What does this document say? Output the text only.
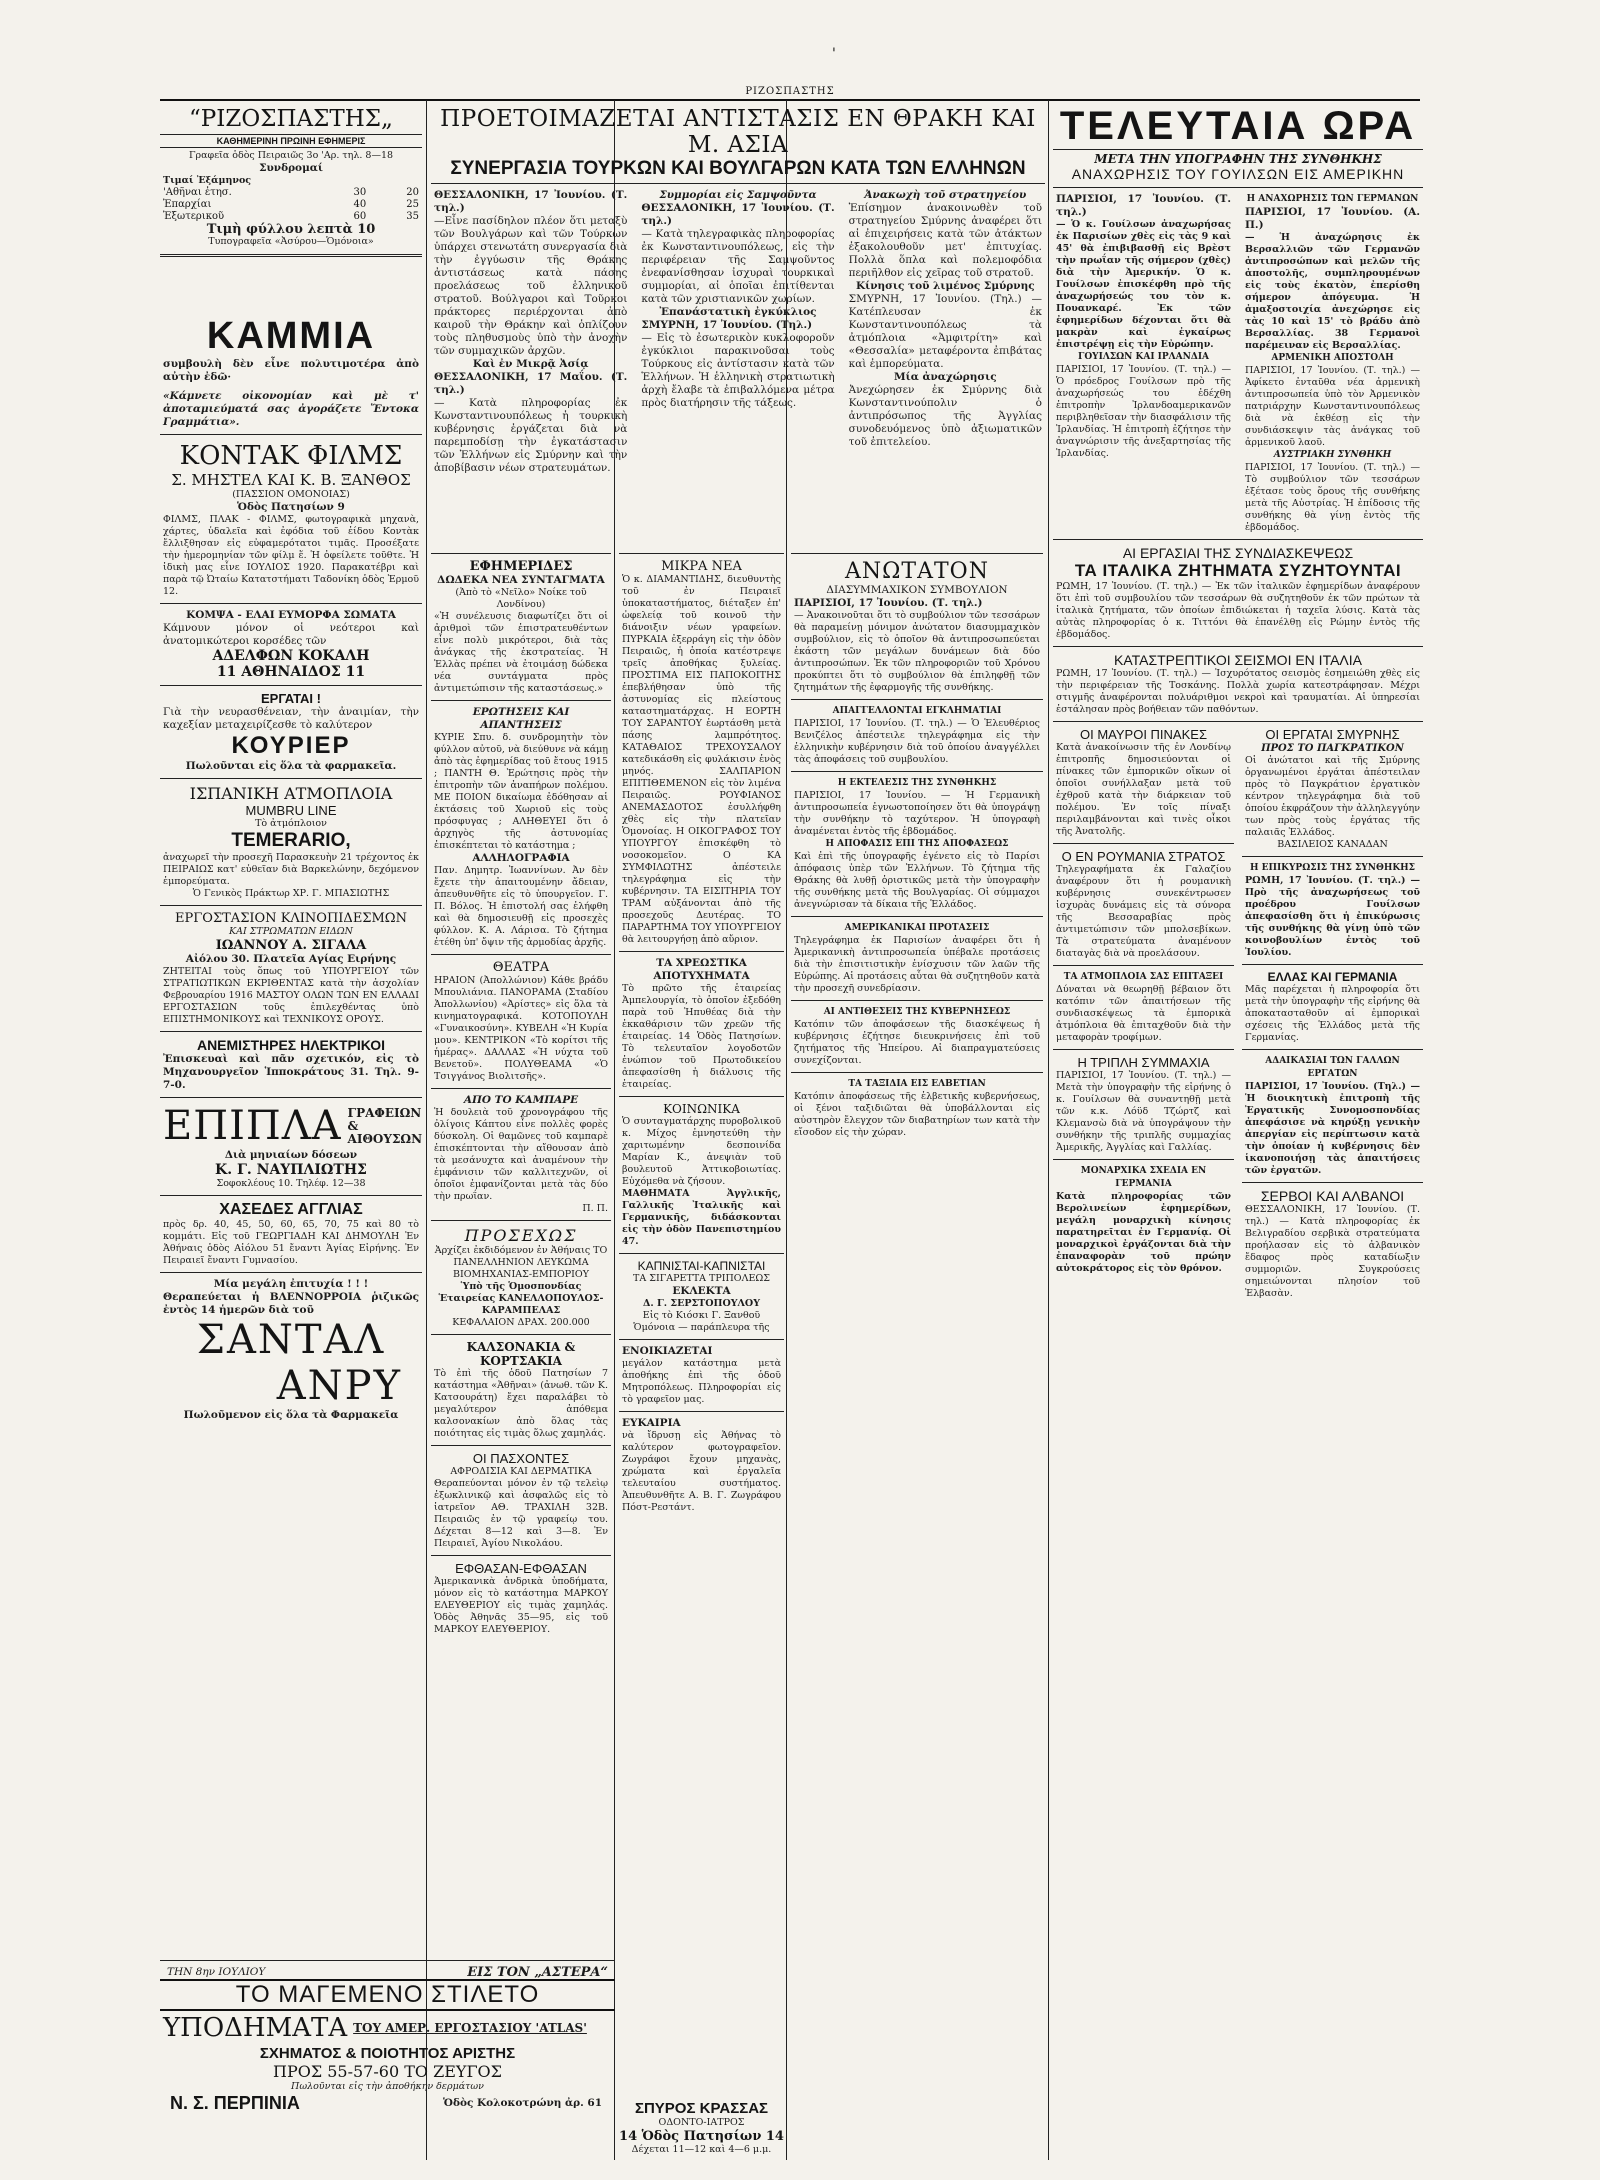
'
ΡΙΖΟΣΠΑΣΤΗΣ
“ΡΙΖΟΣΠΑΣΤΗΣ„
ΚΑΘΗΜΕΡΙΝΗ ΠΡΩΙΝΗ ΕΦΗΜΕΡΙΣ
Γραφεῖα ὁδὸς Πειραιῶς 3ο 'Αρ. τηλ. 8—18
Συνδρομαί
Τιμαί Ἐξάμηνος
'Αθῆναι ἐτησ.	30	20
Ἐπαρχίαι	40	25
Ἐξωτερικοῦ	60	35
Τιμὴ φύλλου λεπτὰ 10
Τυπογραφεῖα «Ἀσύρου—Ὁμόνοια»
ΚΑΜΜΙΑ
συμβουλὴ δὲν εἶνε πολυτιμοτέρα ἀπὸ αὐτὴν ἐδῶ·
«Κάμνετε οἰκονομίαν καὶ μὲ τ' ἀποταμιεύματά σας ἀγοράζετε Ἔντοκα Γραμμάτια».
ΚΟΝΤΑΚ ΦΙΛΜΣ
Σ. ΜΗΣΤΕΛ ΚΑΙ Κ. Β. ΞΑΝΘΟΣ
(ΠΑΣΣΙΟΝ ΟΜΟΝΟΙΑΣ)
Ὁδὸς Πατησίων 9
ΦΙΛΜΣ, ΠΛΑΚ - ΦΙΛΜΣ, φωτογραφικὰ μηχανὰ, χάρτες, ὑδαλεῖα καὶ ἐφόδια τοῦ ἐίδου Κοντὰκ ἔλλιξθησαν εἰς εὐφαμερότατοι τιμᾶς. Προσέξατε τὴν ἡμερομηνίαν τῶν φίλμ ἕ. Ἡ ὀφείλετε τοῦθτε. Ἡ ἰδικὴ μας εἶνε ΙΟΥΛΙΟΣ 1920. Παρακατέβρι καὶ παρὰ τῷ Ὠταίω Κατατστήματι Ταδονίκη ὁδὸς Ἑρμοῦ 12.
ΚΟΜΨΑ - ΕΛΑΙ ΕΥΜΟΡΦΑ ΣΩΜΑΤΑ
Κάμνουν μόνον οἱ νεότεροι καὶ ἀνατομικώτεροι κορσέδες τῶν
ΑΔΕΛΦΩΝ ΚΟΚΑΛΗ
11 ΑΘΗΝΑΙΔΟΣ 11
ΕΡΓΑΤΑΙ !
Γιὰ τὴν νευρασθένειαν, τὴν ἀναιμίαν, τὴν καχεξίαν μεταχειρίζεσθε τὸ καλύτερον
ΚΟΥΡΙΕΡ
Πωλοῦνται εἰς ὅλα τὰ φαρμακεῖα.
ΙΣΠΑΝΙΚΗ ΑΤΜΟΠΛΟΙΑ
MUMBRU LINE
Τὸ ἀτμόπλοιον
TEMERARIO,
ἀναχωρεῖ τὴν προσεχῆ Παρασκευὴν 21 τρέχοντος ἐκ ΠΕΙΡΑΙΩΣ κατ' εὐθεῖαν διὰ Βαρκελώνην, δεχόμενον ἐμπορεύματα.
Ὁ Γενικὸς Πράκτωρ ΧΡ. Γ. ΜΠΑΣΙΩΤΗΣ
ΕΡΓΟΣΤΑΣΙΟΝ ΚΛΙΝΟΠΙΔΕΣΜΩΝ
ΚΑΙ ΣΤΡΩΜΑΤΩΝ ΕΙΔΩΝ
ΙΩΑΝΝΟΥ Α. ΣΙΓΑΛΑ
Αἰόλου 30. Πλατεῖα Αγίας Ειρήνης
ΖΗΤΕΙΤΑΙ τοὺς ὅπως τοῦ ΥΠΟΥΡΓΕΙΟΥ τῶν ΣΤΡΑΤΙΩΤΙΚΩΝ ΕΚΡΙΘΕΝΤΑΣ κατὰ τὴν ἀσχολίαν Φεβρουαρίου 1916 ΜΑΣΤΟΥ ΟΛΩΝ ΤΩΝ ΕΝ ΕΛΛΑΔΙ ΕΡΓΟΣΤΑΣΙΩΝ τοῦς ἐπιλεχθέντας ὑπὸ ΕΠΙΣΤΗΜΟΝΙΚΟΥΣ καὶ ΤΕΧΝΙΚΟΥΣ ΟΡΟΥΣ.
ΑΝΕΜΙΣΤΗΡΕΣ ΗΛΕΚΤΡΙΚΟΙ
Ἐπισκευαὶ καὶ πᾶν σχετικόν, εἰς τὸ Μηχανουργεῖον Ἱπποκράτους 31. Τηλ. 9-7-0.
ΕΠΙΠΛΑ ΓΡΑΦΕΙΩΝ & ΑΙΘΟΥΣΩΝ
Διὰ μηνιαίων δόσεων
Κ. Γ. ΝΑΥΠΛΙΩΤΗΣ
Σοφοκλέους 10. Τηλέφ. 12—38
ΧΑΣΕΔΕΣ ΑΓΓΛΙΑΣ
πρὸς δρ. 40, 45, 50, 60, 65, 70, 75 καὶ 80 τὸ κομμάτι. Εἰς τοῦ ΓΕΩΡΓΙΑΔΗ ΚΑΙ ΔΗΜΟΥΛΗ Ἐν Ἀθήναις ὁδὸς Αἰόλου 51 ἔναντι Ἁγίας Εἰρήνης. Ἐν Πειραιεῖ ἔναντι Γυμνασίου.
Μία μεγάλη ἐπιτυχία ! ! !
Θεραπεύεται ἡ ΒΛΕΝΝΟΡΡΟΙΑ ῥιζικῶς ἐντὸς 14 ἡμερῶν διὰ τοῦ
ΣΑΝΤΑΛ
ΑΝΡΥ
Πωλοῦμενον εἰς ὅλα τὰ Φαρμακεῖα
ΠΡΟΕΤΟΙΜΑΖΕΤΑΙ ΑΝΤΙΣΤΑΣΙΣ ΕΝ ΘΡΑΚΗ ΚΑΙ Μ. ΑΣΙΑ
ΣΥΝΕΡΓΑΣΙΑ ΤΟΥΡΚΩΝ ΚΑΙ ΒΟΥΛΓΑΡΩΝ ΚΑΤΑ ΤΩΝ ΕΛΛΗΝΩΝ
ΘΕΣΣΑΛΟΝΙΚΗ, 17 Ἰουνίου. (Τ. τηλ.)
—Εἶνε πασίδηλον πλέον ὅτι μεταξὺ τῶν Βουλγάρων καὶ τῶν Τούρκων ὑπάρχει στενωτάτη συνεργασία διὰ τὴν ἐγγύωσιν τῆς Θράκης ἀντιστάσεως κατὰ πάσης προελάσεως τοῦ ἑλληνικοῦ στρατοῦ. Βούλγαροι καὶ Τοῦρκοι πράκτορες περιέρχονται ἀπὸ καιροῦ τὴν Θράκην καὶ ὁπλίζουν τοὺς πληθυσμοὺς ὑπὸ τὴν ἀνοχὴν τῶν συμμαχικῶν ἀρχῶν.
Καὶ ἐν Μικρᾷ Ἀσίᾳ
ΘΕΣΣΑΛΟΝΙΚΗ, 17 Μαΐου. (Τ. τηλ.)
— Κατὰ πληροφορίας ἐκ Κωνσταντινουπόλεως ἡ τουρκικὴ κυβέρνησις ἐργάζεται διὰ νὰ παρεμποδίσῃ τὴν ἐγκατάστασιν τῶν Ἑλλήνων εἰς Σμύρνην καὶ τὴν ἀποβίβασιν νέων στρατευμάτων.
Συμμορίαι εἰς Σαμψοῦντα
ΘΕΣΣΑΛΟΝΙΚΗ, 17 Ἰουνίου. (Τ. τηλ.)
— Κατὰ τηλεγραφικὰς πληροφορίας ἐκ Κωνσταντινουπόλεως, εἰς τὴν περιφέρειαν τῆς Σαμψοῦντος ἐνεφανίσθησαν ἰσχυραὶ τουρκικαὶ συμμορίαι, αἱ ὁποῖαι ἐπιτίθενται κατὰ τῶν χριστιανικῶν χωρίων.
Ἐπανάστατικὴ ἐγκύκλιος
ΣΜΥΡΝΗ, 17 Ἰουνίου. (Τηλ.)
— Εἰς τὸ ἐσωτερικὸν κυκλοφοροῦν ἐγκύκλιοι παρακινοῦσαι τοὺς Τούρκους εἰς ἀντίστασιν κατὰ τῶν Ἑλλήνων. Ἡ ἑλληνικὴ στρατιωτικὴ ἀρχὴ ἔλαβε τὰ ἐπιβαλλόμενα μέτρα πρὸς διατήρησιν τῆς τάξεως.
Ἀνακωχὴ τοῦ στρατηγείου
Ἐπίσημον ἀνακοινωθὲν τοῦ στρατηγείου Σμύρνης ἀναφέρει ὅτι αἱ ἐπιχειρήσεις κατὰ τῶν ἀτάκτων ἐξακολουθοῦν μετ' ἐπιτυχίας. Πολλὰ ὅπλα καὶ πολεμοφόδια περιῆλθον εἰς χεῖρας τοῦ στρατοῦ.
Κίνησις τοῦ λιμένος Σμύρνης
ΣΜΥΡΝΗ, 17 Ἰουνίου. (Τηλ.) — Κατέπλευσαν ἐκ Κωνσταντινουπόλεως τὰ ἀτμόπλοια «Ἀμφιτρίτη» καὶ «Θεσσαλία» μεταφέροντα ἐπιβάτας καὶ ἐμπορεύματα.
Μία ἀναχώρησις
Ἀνεχώρησεν ἐκ Σμύρνης διὰ Κωνσταντινούπολιν ὁ ἀντιπρόσωπος τῆς Ἀγγλίας συνοδευόμενος ὑπὸ ἀξιωματικῶν τοῦ ἐπιτελείου.
ΕΦΗΜΕΡΙΔΕΣ
ΔΩΔΕΚΑ ΝΕΑ ΣΥΝΤΑΓΜΑΤΑ
(Ἀπὸ τὸ «Νεῖλο» Νοίκε τοῦ Λονδίνου)
«Ἡ συνέλευσις διαφωτίζει ὅτι οἱ ἀριθμοὶ τῶν ἐπιστρατευθέντων εἶνε πολὺ μικρότεροι, διὰ τὰς ἀνάγκας τῆς ἐκστρατείας. Ἡ Ἑλλὰς πρέπει νὰ ἐτοιμάσῃ δώδεκα νέα συντάγματα πρὸς ἀντιμετώπισιν τῆς καταστάσεως.»
ΕΡΩΤΗΣΕΙΣ ΚΑΙ ΑΠΑΝΤΗΣΕΙΣ
ΚΥΡΙΕ Σπυ. δ. συνδρομητὴν τὸν φύλλον αὐτοῦ, νὰ διεύθυνε νὰ κάμῃ ἀπὸ τὰς ἐφημερίδας τοῦ ἔτους 1915 ; ΠΑΝΤΗ Θ. Ἐρώτησις πρὸς τὴν ἐπιτροπὴν τῶν ἀναπήρων πολέμου. ΜΕ ΠΟΙΟΝ δικαίωμα ἐδόθησαν αἱ ἐκτάσεις τοῦ Χωριοῦ εἰς τοὺς πρόσφυγας ; ΑΛΗΘΕΥΕΙ ὅτι ὁ ἀρχηγὸς τῆς ἀστυνομίας ἐπισκέπτεται τὸ κατάστημα ;
ΑΛΛΗΛΟΓΡΑΦΙΑ
Παν. Δημητρ. Ἰωαννίνων. Ἀν δὲν ἔχετε τὴν ἀπαιτουμένην ἄδειαν, ἀπευθυνθῆτε εἰς τὸ ὑπουργεῖον. Γ. Π. Βόλος. Ἡ ἐπιστολή σας ἐλήφθη καὶ θὰ δημοσιευθῇ εἰς προσεχὲς φύλλον. Κ. Α. Λάρισα. Τὸ ζήτημα ἐτέθη ὑπ' ὄψιν τῆς ἁρμοδίας ἀρχῆς.
ΘΕΑΤΡΑ
ΗΡΑΙΟΝ (Ἀπολλώνιον) Κάθε βράδυ Μπουλιάνια. ΠΑΝΟΡΑΜΑ (Σταδίου Ἀπολλωνίου) «Ἀρίστες» εἰς ὅλα τὰ κινηματογραφικά. ΚΟΤΟΠΟΥΛΗ «Γυναικοσύνη». ΚΥΒΕΛΗ «Ἡ Κυρία μου». ΚΕΝΤΡΙΚΟΝ «Τὸ κορίτσι τῆς ἡμέρας». ΔΑΛΛΑΣ «Ἡ νύχτα τοῦ Βενετοῦ». ΠΟΛΥΘΕΑΜΑ «Ὁ Τσιγγάνος Βιολιτσῆς».
ΑΠΟ ΤΟ ΚΑΜΠΑΡΕ
Ἡ δουλειὰ τοῦ χρονογράφου τῆς ὀλίγοις Κάπτου εἶνε πολλὲς φορὲς δύσκολη. Οἱ θαμῶνες τοῦ καμπαρὲ ἐπισκέπτονται τὴν αἴθουσαν ἀπὸ τὰ μεσάνυχτα καὶ ἀναμένουν τὴν ἐμφάνισιν τῶν καλλιτεχνῶν, οἱ ὁποῖοι ἐμφανίζονται μετὰ τὰς δύο τὴν πρωΐαν.
Π. Π.
ΠΡΟΣΕΧΩΣ
Ἀρχίζει ἐκδιδόμενον ἐν Ἀθήναις ΤΟ ΠΑΝΕΛΛΗΝΙΟΝ ΛΕΥΚΩΜΑ ΒΙΟΜΗΧΑΝΙΑΣ-ΕΜΠΟΡΙΟΥ
Ὑπὸ τῆς Ὁμοσπονδίας Ἑταιρείας ΚΑΝΕΛΛΟΠΟΥΛΟΣ-ΚΑΡΑΜΠΕΛΑΣ
ΚΕΦΑΛΑΙΟΝ ΔΡΑΧ. 200.000
ΚΑΛΣΟΝΑΚΙΑ & ΚΟΡΤΣΑΚΙΑ
Τὸ ἐπὶ τῆς ὁδοῦ Πατησίων 7 κατάστημα «Ἀθῆναι» (ἀνωθ. τῶν Κ. Κατσουράτη) ἔχει παραλάβει τὸ μεγαλύτερον ἀπόθεμα καλσονακίων ἀπὸ ὅλας τὰς ποιότητας εἰς τιμὰς ὅλως χαμηλάς.
ΟΙ ΠΑΣΧΟΝΤΕΣ
ΑΦΡΟΔΙΣΙΑ ΚΑΙ ΔΕΡΜΑΤΙΚΑ
Θεραπεύονται μόνον ἐν τῷ τελεὶῳ ἐξωκλινικῷ καὶ ἀσφαλῶς εἰς τὸ ἰατρεῖον ΑΘ. ΤΡΑΧΙΛΗ 32Β. Πειραιῶς ἐν τῷ γραφείῳ του. Δέχεται 8—12 καὶ 3—8. Ἐν Πειραιεῖ, Ἀγίου Νικολάου.
ΕΦΘΑΣΑΝ-ΕΦΘΑΣΑΝ
Ἀμερικανικὰ ἀνδρικὰ ὑποδήματα, μόνον εἰς τὸ κατάστημα ΜΑΡΚΟΥ ΕΛΕΥΘΕΡΙΟΥ εἰς τιμὰς χαμηλάς. Ὁδὸς Ἀθηνᾶς 35—95, εἰς τοῦ ΜΑΡΚΟΥ ΕΛΕΥΘΕΡΙΟΥ.
ΜΙΚΡΑ ΝΕΑ
Ὁ κ. ΔΙΑΜΑΝΤΙΔΗΣ, διευθυντὴς τοῦ ἐν Πειραιεῖ ὑποκαταστήματος, διέταξεν ἐπ' ὠφελείᾳ τοῦ κοινοῦ τὴν διάνοιξιν νέων γραφείων. ΠΥΡΚΑΙΑ ἐξερράγη εἰς τὴν ὁδὸν Πειραιῶς, ἡ ὁποία κατέστρεψε τρεῖς ἀποθήκας ξυλείας. ΠΡΟΣΤΙΜΑ ΕΙΣ ΠΑΠΟΚΟΙΤΗΣ ἐπεβλήθησαν ὑπὸ τῆς ἀστυνομίας εἰς πλείστους καταστηματάρχας. Η ΕΟΡΤΗ ΤΟΥ ΣΑΡΑΝΤΟΥ ἐωρτάσθη μετὰ πάσης λαμπρότητος. ΚΑΤΑΘΑΙΟΣ ΤΡΕΧΟΥΣΑΛΟΥ κατεδικάσθη εἰς φυλάκισιν ἑνὸς μηνός. ΣΑΛΠΑΡΙΟΝ ΕΠΙΤΙΘΕΜΕΝΟΝ εἰς τὸν λιμένα Πειραιῶς. ΡΟΥΦΙΑΝΟΣ ΑΝΕΜΑΣΔΟΤΟΣ ἐσυλλήφθη χθὲς εἰς τὴν πλατεῖαν Ὁμονοίας. Η ΟΙΚΟΓΡΑΦΟΣ ΤΟΥ ΥΠΟΥΡΓΟΥ ἐπισκέφθη τὸ νοσοκομεῖον. Ο ΚΑ ΣΥΜΦΙΛΩΤΗΣ ἀπέστειλε τηλεγράφημα εἰς τὴν κυβέρνησιν. ΤΑ ΕΙΣΙΤΗΡΙΑ ΤΟΥ ΤΡΑΜ αὐξάνονται ἀπὸ τῆς προσεχοῦς Δευτέρας. ΤΟ ΠΑΡΑΡΤΗΜΑ ΤΟΥ ΥΠΟΥΡΓΕΙΟΥ θὰ λειτουργήσῃ ἀπὸ αὔριον.
ΤΑ ΧΡΕΩΣΤΙΚΑ ΑΠΟΤΥΧΗΜΑΤΑ
Τὸ πρῶτο τῆς ἑταιρείας Ἀμπελουργία, τὸ ὁποῖον ἐξεδόθη παρὰ τοῦ Ἠπυθέας διὰ τὴν ἐκκαθάρισιν τῶν χρεῶν τῆς ἐταιρείας. 14 Ὁδὸς Πατησίων. Τὸ τελευταῖον λογοδοτῶν ἐνώπιον τοῦ Πρωτοδικείου ἀπεφασίσθη ἡ διάλυσις τῆς ἑταιρείας.
ΚΟΙΝΩΝΙΚΑ
Ὁ συνταγματάρχης πυροβολικοῦ κ. Μίχος ἐμνηστεύθη τὴν χαριτωμένην δεσποινίδα Μαρίαν Κ., ἀνεψιὰν τοῦ βουλευτοῦ Ἀττικοβοιωτίας. Εὐχόμεθα νὰ ζήσουν.
ΜΑΘΗΜΑΤΑ Ἀγγλικῆς, Γαλλικῆς Ἰταλικῆς καὶ Γερμανικῆς, διδάσκονται εἰς τὴν ὁδὸν Πανεπιστημίου 47.
ΚΑΠΝΙΣΤΑΙ-ΚΑΠΝΙΣΤΑΙ
ΤΑ ΣΙΓΑΡΕΤΤΑ ΤΡΙΠΟΛΕΩΣ
ΕΚΛΕΚΤΑ
Δ. Γ. ΣΕΡΣΤΟΠΟΥΛΟΥ
Εἰς τὸ Κιόσκι Γ. Ξανθοῦ
Ὁμόνοια — παράπλευρα τῆς
ΕΝΟΙΚΙΑΖΕΤΑΙ
μεγάλον κατάστημα μετὰ ἀποθήκης ἐπὶ τῆς ὁδοῦ Μητροπόλεως. Πληροφορίαι εἰς τὸ γραφεῖον μας.
ΕΥΚΑΙΡΙΑ
νὰ ἴδρυσῃ εἰς Ἀθήνας τὸ καλύτερον φωτογραφεῖον. Ζωγράφοι ἔχουν μηχανὰς, χρώματα καὶ ἐργαλεῖα τελευταίου συστήματος. Ἀπευθυνθῆτε Α. Β. Γ. Ζωγράφου Πόστ-Ρεστάντ.
ΑΝΩΤΑΤΟΝ
ΔΙΑΣΥΜΜΑΧΙΚΟΝ ΣΥΜΒΟΥΛΙΟΝ
ΠΑΡΙΣΙΟΙ, 17 Ἰουνίου. (Τ. τηλ.)
— Ἀνακοινοῦται ὅτι τὸ συμβούλιον τῶν τεσσάρων θὰ παραμείνῃ μόνιμον ἀνώτατον διασυμμαχικὸν συμβούλιον, εἰς τὸ ὁποῖον θὰ ἀντιπροσωπεύεται ἑκάστη τῶν μεγάλων δυνάμεων διὰ δύο ἀντιπροσώπων. Ἐκ τῶν πληροφοριῶν τοῦ Χρόνου προκύπτει ὅτι τὸ συμβούλιον θὰ ἐπιληφθῇ τῶν ζητημάτων τῆς ἐφαρμογῆς τῆς συνθήκης.
ΑΠΑΓΓΕΛΛΟΝΤΑΙ ΕΓΚΛΗΜΑΤΙΑΙ
ΠΑΡΙΣΙΟΙ, 17 Ἰουνίου. (Τ. τηλ.) — Ὁ Ἑλευθέριος Βενιζέλος ἀπέστειλε τηλεγράφημα εἰς τὴν ἑλληνικὴν κυβέρνησιν διὰ τοῦ ὁποίου ἀναγγέλλει τὰς ἀποφάσεις τοῦ συμβουλίου.
Η ΕΚΤΕΛΕΣΙΣ ΤΗΣ ΣΥΝΘΗΚΗΣ
ΠΑΡΙΣΙΟΙ, 17 Ἰουνίου. — Ἡ Γερμανικὴ ἀντιπροσωπεία ἐγνωστοποίησεν ὅτι θὰ ὑπογράψῃ τὴν συνθήκην τὸ ταχύτερον. Ἡ ὑπογραφὴ ἀναμένεται ἐντὸς τῆς ἑβδομάδος.
Η ΑΠΟΦΑΣΙΣ ΕΠΙ ΤΗΣ ΑΠΟΦΑΣΕΩΣ
Καὶ ἐπὶ τῆς ὑπογραφῆς ἐγένετο εἰς τὸ Παρίσι ἀπόφασις ὑπὲρ τῶν Ἑλλήνων. Τὸ ζήτημα τῆς Θράκης θὰ λυθῇ ὁριστικῶς μετὰ τὴν ὑπογραφὴν τῆς συνθήκης μετὰ τῆς Βουλγαρίας. Οἱ σύμμαχοι ἀνεγνώρισαν τὰ δίκαια τῆς Ἑλλάδος.
ΑΜΕΡΙΚΑΝΙΚΑΙ ΠΡΟΤΑΣΕΙΣ
Τηλεγράφημα ἐκ Παρισίων ἀναφέρει ὅτι ἡ Ἀμερικανικὴ ἀντιπροσωπεία ὑπέβαλε προτάσεις διὰ τὴν ἐπισιτιστικὴν ἐνίσχυσιν τῶν λαῶν τῆς Εὐρώπης. Αἱ προτάσεις αὗται θὰ συζητηθοῦν κατὰ τὴν προσεχῆ συνεδρίασιν.
ΑΙ ΑΝΤΙΘΕΣΕΙΣ ΤΗΣ ΚΥΒΕΡΝΗΣΕΩΣ
Κατόπιν τῶν ἀποφάσεων τῆς διασκέψεως ἡ κυβέρνησις ἐζήτησε διευκρινήσεις ἐπὶ τοῦ ζητήματος τῆς Ἠπείρου. Αἱ διαπραγματεύσεις συνεχίζονται.
ΤΑ ΤΑΞΙΔΙΑ ΕΙΣ ΕΛΒΕΤΙΑΝ
Κατόπιν ἀποφάσεως τῆς ἑλβετικῆς κυβερνήσεως, οἱ ξένοι ταξιδιῶται θὰ ὑποβάλλονται εἰς αὐστηρὸν ἔλεγχον τῶν διαβατηρίων των κατὰ τὴν εἴσοδον εἰς τὴν χώραν.
ΤΗΝ 8ην ΙΟΥΛΙΟΥ	ΕΙΣ ΤΟΝ „ΑΣΤΕΡΑ“
ΤΟ ΜΑΓΕΜΕΝΟ ΣΤΙΛΕΤΟ
ΥΠΟΔΗΜΑΤΑ ΤΟΥ ΑΜΕΡ. ΕΡΓΟΣΤΑΣΙΟΥ 'ATLAS'
ΣΧΗΜΑΤΟΣ & ΠΟΙΟΤΗΤΟΣ ΑΡΙΣΤΗΣ
ΠΡΟΣ 55-57-60 ΤΟ ΖΕΥΓΟΣ
Πωλοῦνται εἰς τὴν ἀποθήκην δερμάτων
Ν. Σ. ΠΕΡΠΙΝΙΑ	Ὁδὸς Κολοκοτρώνη ἀρ. 61	ΣΠΥΡΟΣ ΚΡΑΣΣΑΣ
ΟΔΟΝΤΟ-ΙΑΤΡΟΣ
14 Ὁδὸς Πατησίων 14
Δέχεται 11—12 καὶ 4—6 μ.μ.
ΤΕΛΕΥΤΑΙΑ ΩΡΑ
ΜΕΤΑ ΤΗΝ ΥΠΟΓΡΑΦΗΝ ΤΗΣ ΣΥΝΘΗΚΗΣ
ΑΝΑΧΩΡΗΣΙΣ ΤΟΥ ΓΟΥΙΛΣΩΝ ΕΙΣ ΑΜΕΡΙΚΗΝ
ΠΑΡΙΣΙΟΙ, 17 Ἰουνίου. (Τ. τηλ.)
— Ὁ κ. Γουίλσων ἀναχωρήσας ἐκ Παρισίων χθὲς εἰς τὰς 9 καὶ 45' θὰ ἐπιβιβασθῇ εἰς Βρὲστ τὴν πρωΐαν τῆς σήμερον (χθὲς) διὰ τὴν Ἀμερικήν. Ὁ κ. Γουίλσων ἐπισκέφθη πρὸ τῆς ἀναχωρήσεώς του τὸν κ. Πουανκαρέ. Ἐκ τῶν ἐφημερίδων δέχονται ὅτι θὰ μακρὰν καὶ ἐγκαίρως ἐπιστρέψῃ εἰς τὴν Εὐρώπην.
ΓΟΥΙΛΣΩΝ ΚΑΙ ΙΡΛΑΝΔΙΑ
ΠΑΡΙΣΙΟΙ, 17 Ἰουνίου. (Τ. τηλ.) — Ὁ πρόεδρος Γουίλσων πρὸ τῆς ἀναχωρήσεώς του ἐδέχθη ἐπιτροπὴν Ἰρλανδοαμερικανῶν περιβληθεῖσαν τὴν διασφάλισιν τῆς Ἰρλανδίας. Ἡ ἐπιτροπὴ ἐζήτησε τὴν ἀναγνώρισιν τῆς ἀνεξαρτησίας τῆς Ἰρλανδίας.
Η ΑΝΑΧΩΡΗΣΙΣ ΤΩΝ ΓΕΡΜΑΝΩΝ
ΠΑΡΙΣΙΟΙ, 17 Ἰουνίου. (Α. Π.)
— Ἡ ἀναχώρησις ἐκ Βερσαλλιῶν τῶν Γερμανῶν ἀντιπροσώπων καὶ μελῶν τῆς ἀποστολῆς, συμπληρουμένων εἰς τοὺς ἑκατὸν, ἐπερίσθη σήμερον ἀπόγευμα. Ἡ ἀμαξοστοιχία ἀνεχώρησε εἰς τὰς 10 καὶ 15' τὸ βράδυ ἀπὸ Βερσαλλίας. 38 Γερμανοὶ παρέμειναν εἰς Βερσαλλίας.
ΑΡΜΕΝΙΚΗ ΑΠΟΣΤΟΛΗ
ΠΑΡΙΣΙΟΙ, 17 Ἰουνίου. (Τ. τηλ.) — Ἀφίκετο ἐνταῦθα νέα ἀρμενικὴ ἀντιπροσωπεία ὑπὸ τὸν Ἀρμενικὸν πατριάρχην Κωνσταντινουπόλεως διὰ νὰ ἐκθέσῃ εἰς τὴν συνδιάσκεψιν τὰς ἀνάγκας τοῦ ἀρμενικοῦ λαοῦ.
ΑΥΣΤΡΙΑΚΗ ΣΥΝΘΗΚΗ
ΠΑΡΙΣΙΟΙ, 17 Ἰουνίου. (Τ. τηλ.) — Τὸ συμβούλιον τῶν τεσσάρων ἐξέτασε τοὺς ὅρους τῆς συνθήκης μετὰ τῆς Αὐστρίας. Ἡ ἐπίδοσις τῆς συνθήκης θὰ γίνῃ ἐντὸς τῆς ἑβδομάδος.
ΑΙ ΕΡΓΑΣΙΑΙ ΤΗΣ ΣΥΝΔΙΑΣΚΕΨΕΩΣ
ΤΑ ΙΤΑΛΙΚΑ ΖΗΤΗΜΑΤΑ ΣΥΖΗΤΟΥΝΤΑΙ
ΡΩΜΗ, 17 Ἰουνίου. (Τ. τηλ.) — Ἐκ τῶν ἰταλικῶν ἐφημερίδων ἀναφέρουν ὅτι ἐπὶ τοῦ συμβουλίου τῶν τεσσάρων θὰ συζητηθοῦν ἐκ τῶν πρώτων τὰ ἰταλικὰ ζητήματα, τῶν ὁποίων ἐπιδιώκεται ἡ ταχεῖα λύσις. Κατὰ τὰς αὐτὰς πληροφορίας ὁ κ. Τιττόνι θὰ ἐπανέλθῃ εἰς Ρώμην ἐντὸς τῆς ἑβδομάδος.
ΚΑΤΑΣΤΡΕΠΤΙΚΟΙ ΣΕΙΣΜΟΙ ΕΝ ΙΤΑΛΙΑ
ΡΩΜΗ, 17 Ἰουνίου. (Τ. τηλ.) — Ἰσχυρότατος σεισμὸς ἐσημειώθη χθὲς εἰς τὴν περιφέρειαν τῆς Τοσκάνης. Πολλὰ χωρία κατεστράφησαν. Μέχρι στιγμῆς ἀναφέρονται πολυάριθμοι νεκροὶ καὶ τραυματίαι. Αἱ ὑπηρεσίαι ἐστάλησαν πρὸς βοήθειαν τῶν παθόντων.
ΟΙ ΜΑΥΡΟΙ ΠΙΝΑΚΕΣ
Κατὰ ἀνακοίνωσιν τῆς ἐν Λονδίνῳ ἐπιτροπῆς δημοσιεύονται οἱ πίνακες τῶν ἐμπορικῶν οἴκων οἱ ὁποῖοι συνήλλαξαν μετὰ τοῦ ἐχθροῦ κατὰ τὴν διάρκειαν τοῦ πολέμου. Ἐν τοῖς πίναξι περιλαμβάνονται καὶ τινὲς οἶκοι τῆς Ἀνατολῆς.
Ο ΕΝ ΡΟΥΜΑΝΙΑ ΣΤΡΑΤΟΣ
Τηλεγραφήματα ἐκ Γαλαζίου ἀναφέρουν ὅτι ἡ ρουμανικὴ κυβέρνησις συνεκέντρωσεν ἰσχυρὰς δυνάμεις εἰς τὰ σύνορα τῆς Βεσσαραβίας πρὸς ἀντιμετώπισιν τῶν μπολσεβίκων. Τὰ στρατεύματα ἀναμένουν διαταγὰς διὰ νὰ προελάσουν.
ΤΑ ΑΤΜΟΠΛΟΙΑ ΣΑΣ ΕΠΙΤΑΞΕΙ
Δύναται νὰ θεωρηθῇ βέβαιον ὅτι κατόπιν τῶν ἀπαιτήσεων τῆς συνδιασκέψεως τὰ ἐμπορικὰ ἀτμόπλοια θὰ ἐπιταχθοῦν διὰ τὴν μεταφορὰν τροφίμων.
Η ΤΡΙΠΛΗ ΣΥΜΜΑΧΙΑ
ΠΑΡΙΣΙΟΙ, 17 Ἰουνίου. (Τ. τηλ.) — Μετὰ τὴν ὑπογραφὴν τῆς εἰρήνης ὁ κ. Γουίλσων θὰ συναντηθῇ μετὰ τῶν κ.κ. Λόϋδ Τζώρτζ καὶ Κλεμανσὼ διὰ νὰ ὑπογράψουν τὴν συνθήκην τῆς τριπλῆς συμμαχίας Ἀμερικῆς, Ἀγγλίας καὶ Γαλλίας.
ΜΟΝΑΡΧΙΚΑ ΣΧΕΔΙΑ ΕΝ ΓΕΡΜΑΝΙΑ
Κατὰ πληροφορίας τῶν Βερολινείων ἐφημερίδων, μεγάλη μοναρχικὴ κίνησις παρατηρεῖται ἐν Γερμανίᾳ. Οἱ μοναρχικοὶ ἐργάζονται διὰ τὴν ἐπαναφορὰν τοῦ πρώην αὐτοκράτορος εἰς τὸν θρόνον.
ΟΙ ΕΡΓΑΤΑΙ ΣΜΥΡΝΗΣ
ΠΡΟΣ ΤΟ ΠΑΓΚΡΑΤΙΚΟΝ
Οἱ ἀνώτατοι καὶ τῆς Σμύρνης ὀργανωμένοι ἐργάται ἀπέστειλαν πρὸς τὸ Παγκράτιον ἐργατικὸν κέντρον τηλεγράφημα διὰ τοῦ ὁποίου ἐκφράζουν τὴν ἀλληλεγγύην των πρὸς τοὺς ἐργάτας τῆς παλαιᾶς Ἑλλάδος.
ΒΑΣΙΛΕΙΟΣ ΚΑΝΑΔΑΝ
Η ΕΠΙΚΥΡΩΣΙΣ ΤΗΣ ΣΥΝΘΗΚΗΣ
ΡΩΜΗ, 17 Ἰουνίου. (Τ. τηλ.) — Πρὸ τῆς ἀναχωρήσεως τοῦ προέδρου Γουίλσων ἀπεφασίσθη ὅτι ἡ ἐπικύρωσις τῆς συνθήκης θὰ γίνῃ ὑπὸ τῶν κοινοβουλίων ἐντὸς τοῦ Ἰουλίου.
ΕΛΛΑΣ ΚΑΙ ΓΕΡΜΑΝΙΑ
Μᾶς παρέχεται ἡ πληροφορία ὅτι μετὰ τὴν ὑπογραφὴν τῆς εἰρήνης θὰ ἀποκατασταθοῦν αἱ ἐμπορικαὶ σχέσεις τῆς Ἑλλάδος μετὰ τῆς Γερμανίας.
ΑΔΑΙΚΑΣΙΑΙ ΤΩΝ ΓΑΛΛΩΝ ΕΡΓΑΤΩΝ
ΠΑΡΙΣΙΟΙ, 17 Ἰουνίου. (Τηλ.) — Ἡ διοικητικὴ ἐπιτροπὴ τῆς Ἐργατικῆς Συνομοσπονδίας ἀπεφάσισε νὰ κηρύξῃ γενικὴν ἀπεργίαν εἰς περίπτωσιν κατὰ τὴν ὁποίαν ἡ κυβέρνησις δὲν ἱκανοποιήσῃ τὰς ἀπαιτήσεις τῶν ἐργατῶν.
ΣΕΡΒΟΙ ΚΑΙ ΑΛΒΑΝΟΙ
ΘΕΣΣΑΛΟΝΙΚΗ, 17 Ἰουνίου. (Τ. τηλ.) — Κατὰ πληροφορίας ἐκ Βελιγραδίου σερβικὰ στρατεύματα προήλασαν εἰς τὸ ἀλβανικὸν ἔδαφος πρὸς καταδίωξιν συμμοριῶν. Συγκρούσεις σημειώνονται πλησίον τοῦ Ἐλβασὰν.
